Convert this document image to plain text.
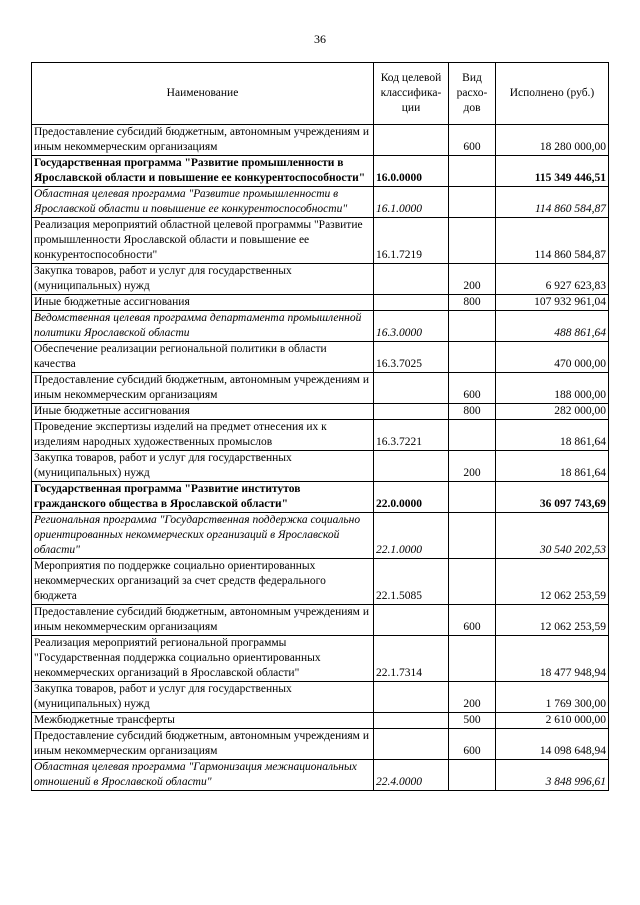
36
Наименование	Код целевой классифика-ции	Вид расхо-дов	Исполнено (руб.)
Предоставление субсидий бюджетным, автономным учреждениям и иным некоммерческим организациям		600	18 280 000,00
Государственная программа "Развитие промышленности в Ярославской области и повышение ее конкурентоспособности"	16.0.0000		115 349 446,51
Областная целевая программа "Развитие промышленности в Ярославской области и повышение ее конкурентоспособности"	16.1.0000		114 860 584,87
Реализация мероприятий областной целевой программы "Развитие промышленности Ярославской области и повышение ее конкурентоспособности"	16.1.7219		114 860 584,87
Закупка товаров, работ и услуг для государственных (муниципальных) нужд		200	6 927 623,83
Иные бюджетные ассигнования		800	107 932 961,04
Ведомственная целевая программа департамента промышленной политики Ярославской области	16.3.0000		488 861,64
Обеспечение реализации региональной политики в области качества	16.3.7025		470 000,00
Предоставление субсидий бюджетным, автономным учреждениям и иным некоммерческим организациям		600	188 000,00
Иные бюджетные ассигнования		800	282 000,00
Проведение экспертизы изделий на предмет отнесения их к изделиям народных художественных промыслов	16.3.7221		18 861,64
Закупка товаров, работ и услуг для государственных (муниципальных) нужд		200	18 861,64
Государственная программа "Развитие институтов гражданского общества в Ярославской области"	22.0.0000		36 097 743,69
Региональная программа "Государственная поддержка социально ориентированных некоммерческих организаций в Ярославской области"	22.1.0000		30 540 202,53
Мероприятия по поддержке социально ориентированных некоммерческих организаций за счет средств федерального бюджета	22.1.5085		12 062 253,59
Предоставление субсидий бюджетным, автономным учреждениям и иным некоммерческим организациям		600	12 062 253,59
Реализация мероприятий региональной программы "Государственная поддержка социально ориентированных некоммерческих организаций в Ярославской области"	22.1.7314		18 477 948,94
Закупка товаров, работ и услуг для государственных (муниципальных) нужд		200	1 769 300,00
Межбюджетные трансферты		500	2 610 000,00
Предоставление субсидий бюджетным, автономным учреждениям и иным некоммерческим организациям		600	14 098 648,94
Областная целевая программа "Гармонизация межнациональных отношений в Ярославской области"	22.4.0000		3 848 996,61
